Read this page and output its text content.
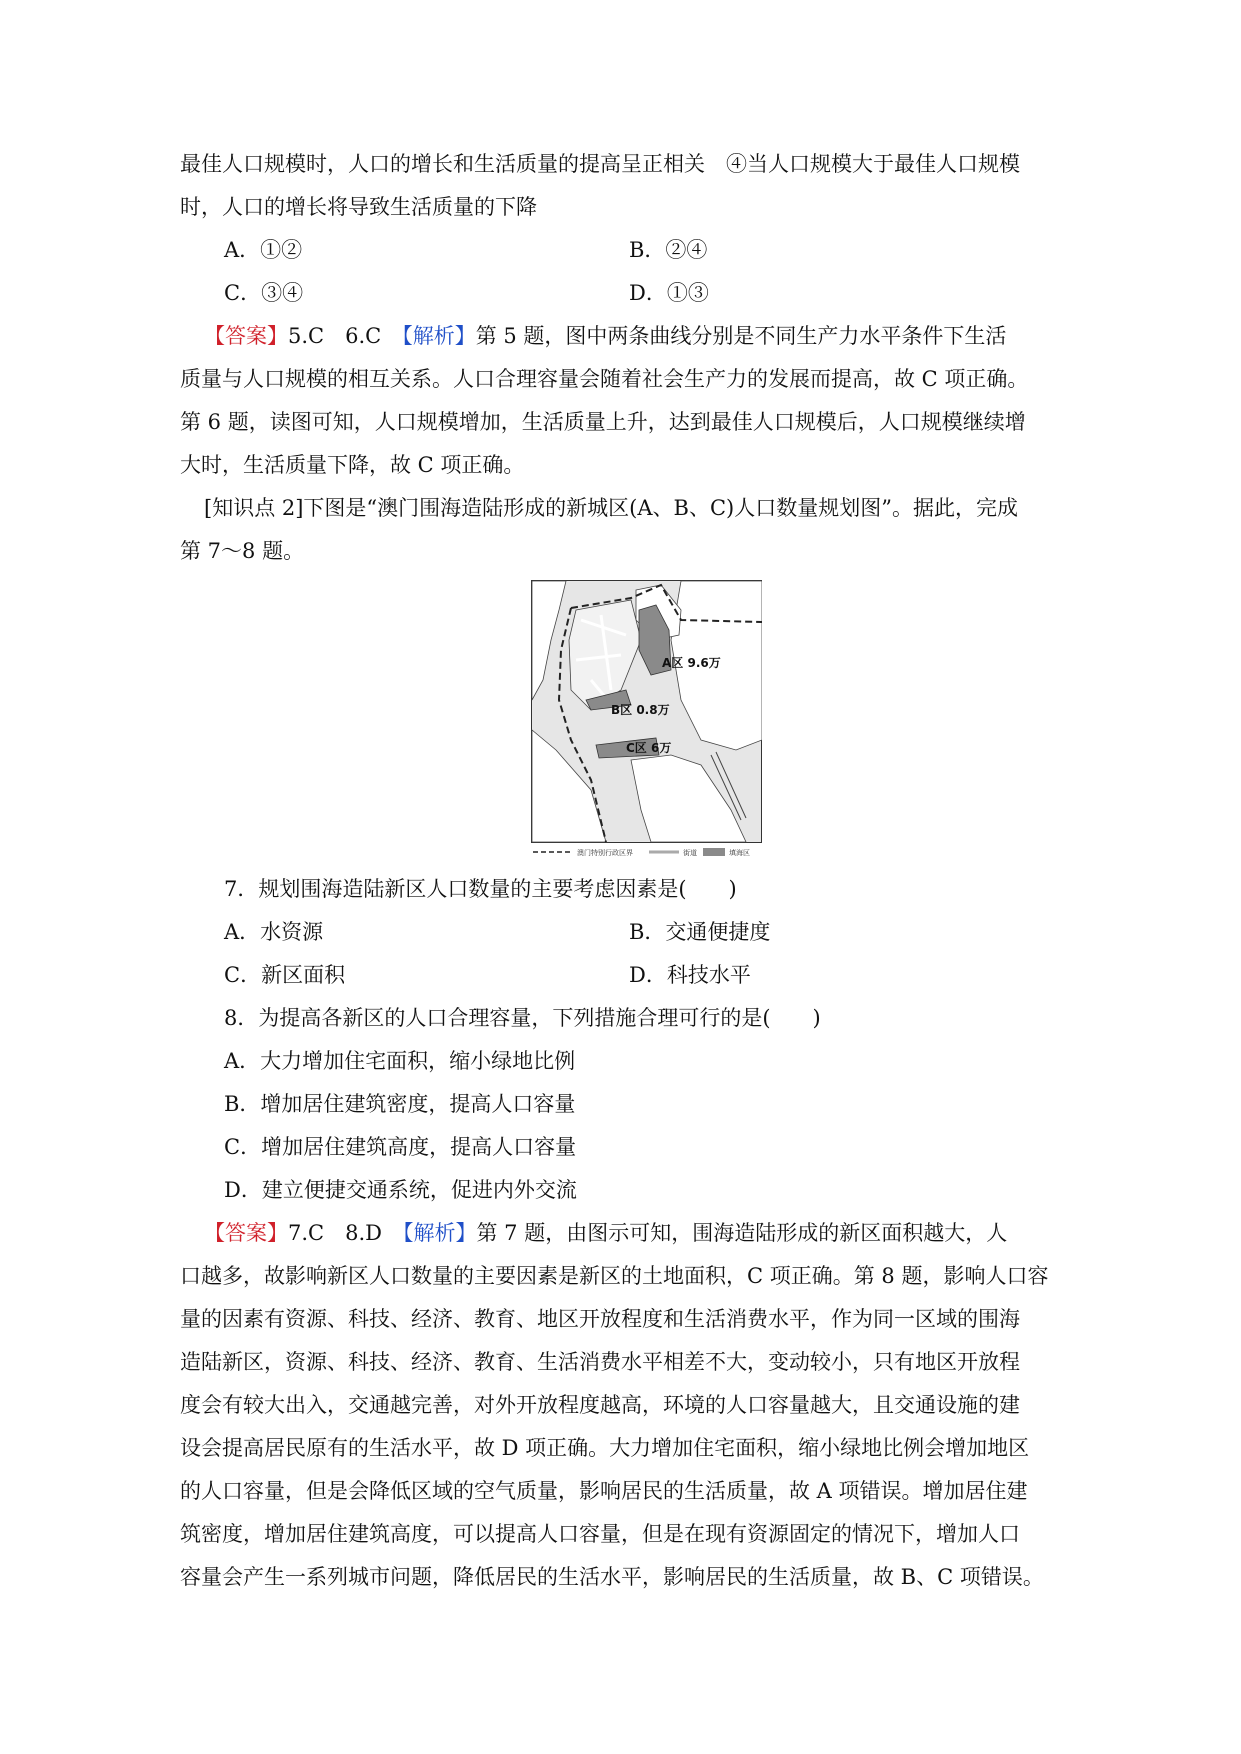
最佳人口规模时，人口的增长和生活质量的提高呈正相关　④当人口规模大于最佳人口规模
时，人口的增长将导致生活质量的下降
A．①②	B．②④
C．③④	D．①③
【答案】5.C　6.C　【解析】第 5 题，图中两条曲线分别是不同生产力水平条件下生活
质量与人口规模的相互关系。人口合理容量会随着社会生产力的发展而提高，故 C 项正确。
第 6 题，读图可知，人口规模增加，生活质量上升，达到最佳人口规模后，人口规模继续增
大时，生活质量下降，故 C 项正确。
[知识点 2]下图是“澳门围海造陆形成的新城区(A、B、C)人口数量规划图”。据此，完成
第 7～8 题。
澳门特别行政区界	街道	填海区
A区 9.6万
B区 0.8万
C区 6万
7．规划围海造陆新区人口数量的主要考虑因素是(　　)
A．水资源	B．交通便捷度
C．新区面积	D．科技水平
8．为提高各新区的人口合理容量，下列措施合理可行的是(　　)
A．大力增加住宅面积，缩小绿地比例
B．增加居住建筑密度，提高人口容量
C．增加居住建筑高度，提高人口容量
D．建立便捷交通系统，促进内外交流
【答案】7.C　8.D　【解析】第 7 题，由图示可知，围海造陆形成的新区面积越大，人
口越多，故影响新区人口数量的主要因素是新区的土地面积，C 项正确。第 8 题，影响人口容
量的因素有资源、科技、经济、教育、地区开放程度和生活消费水平，作为同一区域的围海
造陆新区，资源、科技、经济、教育、生活消费水平相差不大，变动较小，只有地区开放程
度会有较大出入，交通越完善，对外开放程度越高，环境的人口容量越大，且交通设施的建
设会提高居民原有的生活水平，故 D 项正确。大力增加住宅面积，缩小绿地比例会增加地区
的人口容量，但是会降低区域的空气质量，影响居民的生活质量，故 A 项错误。增加居住建
筑密度，增加居住建筑高度，可以提高人口容量，但是在现有资源固定的情况下，增加人口
容量会产生一系列城市问题，降低居民的生活水平，影响居民的生活质量，故 B、C 项错误。
